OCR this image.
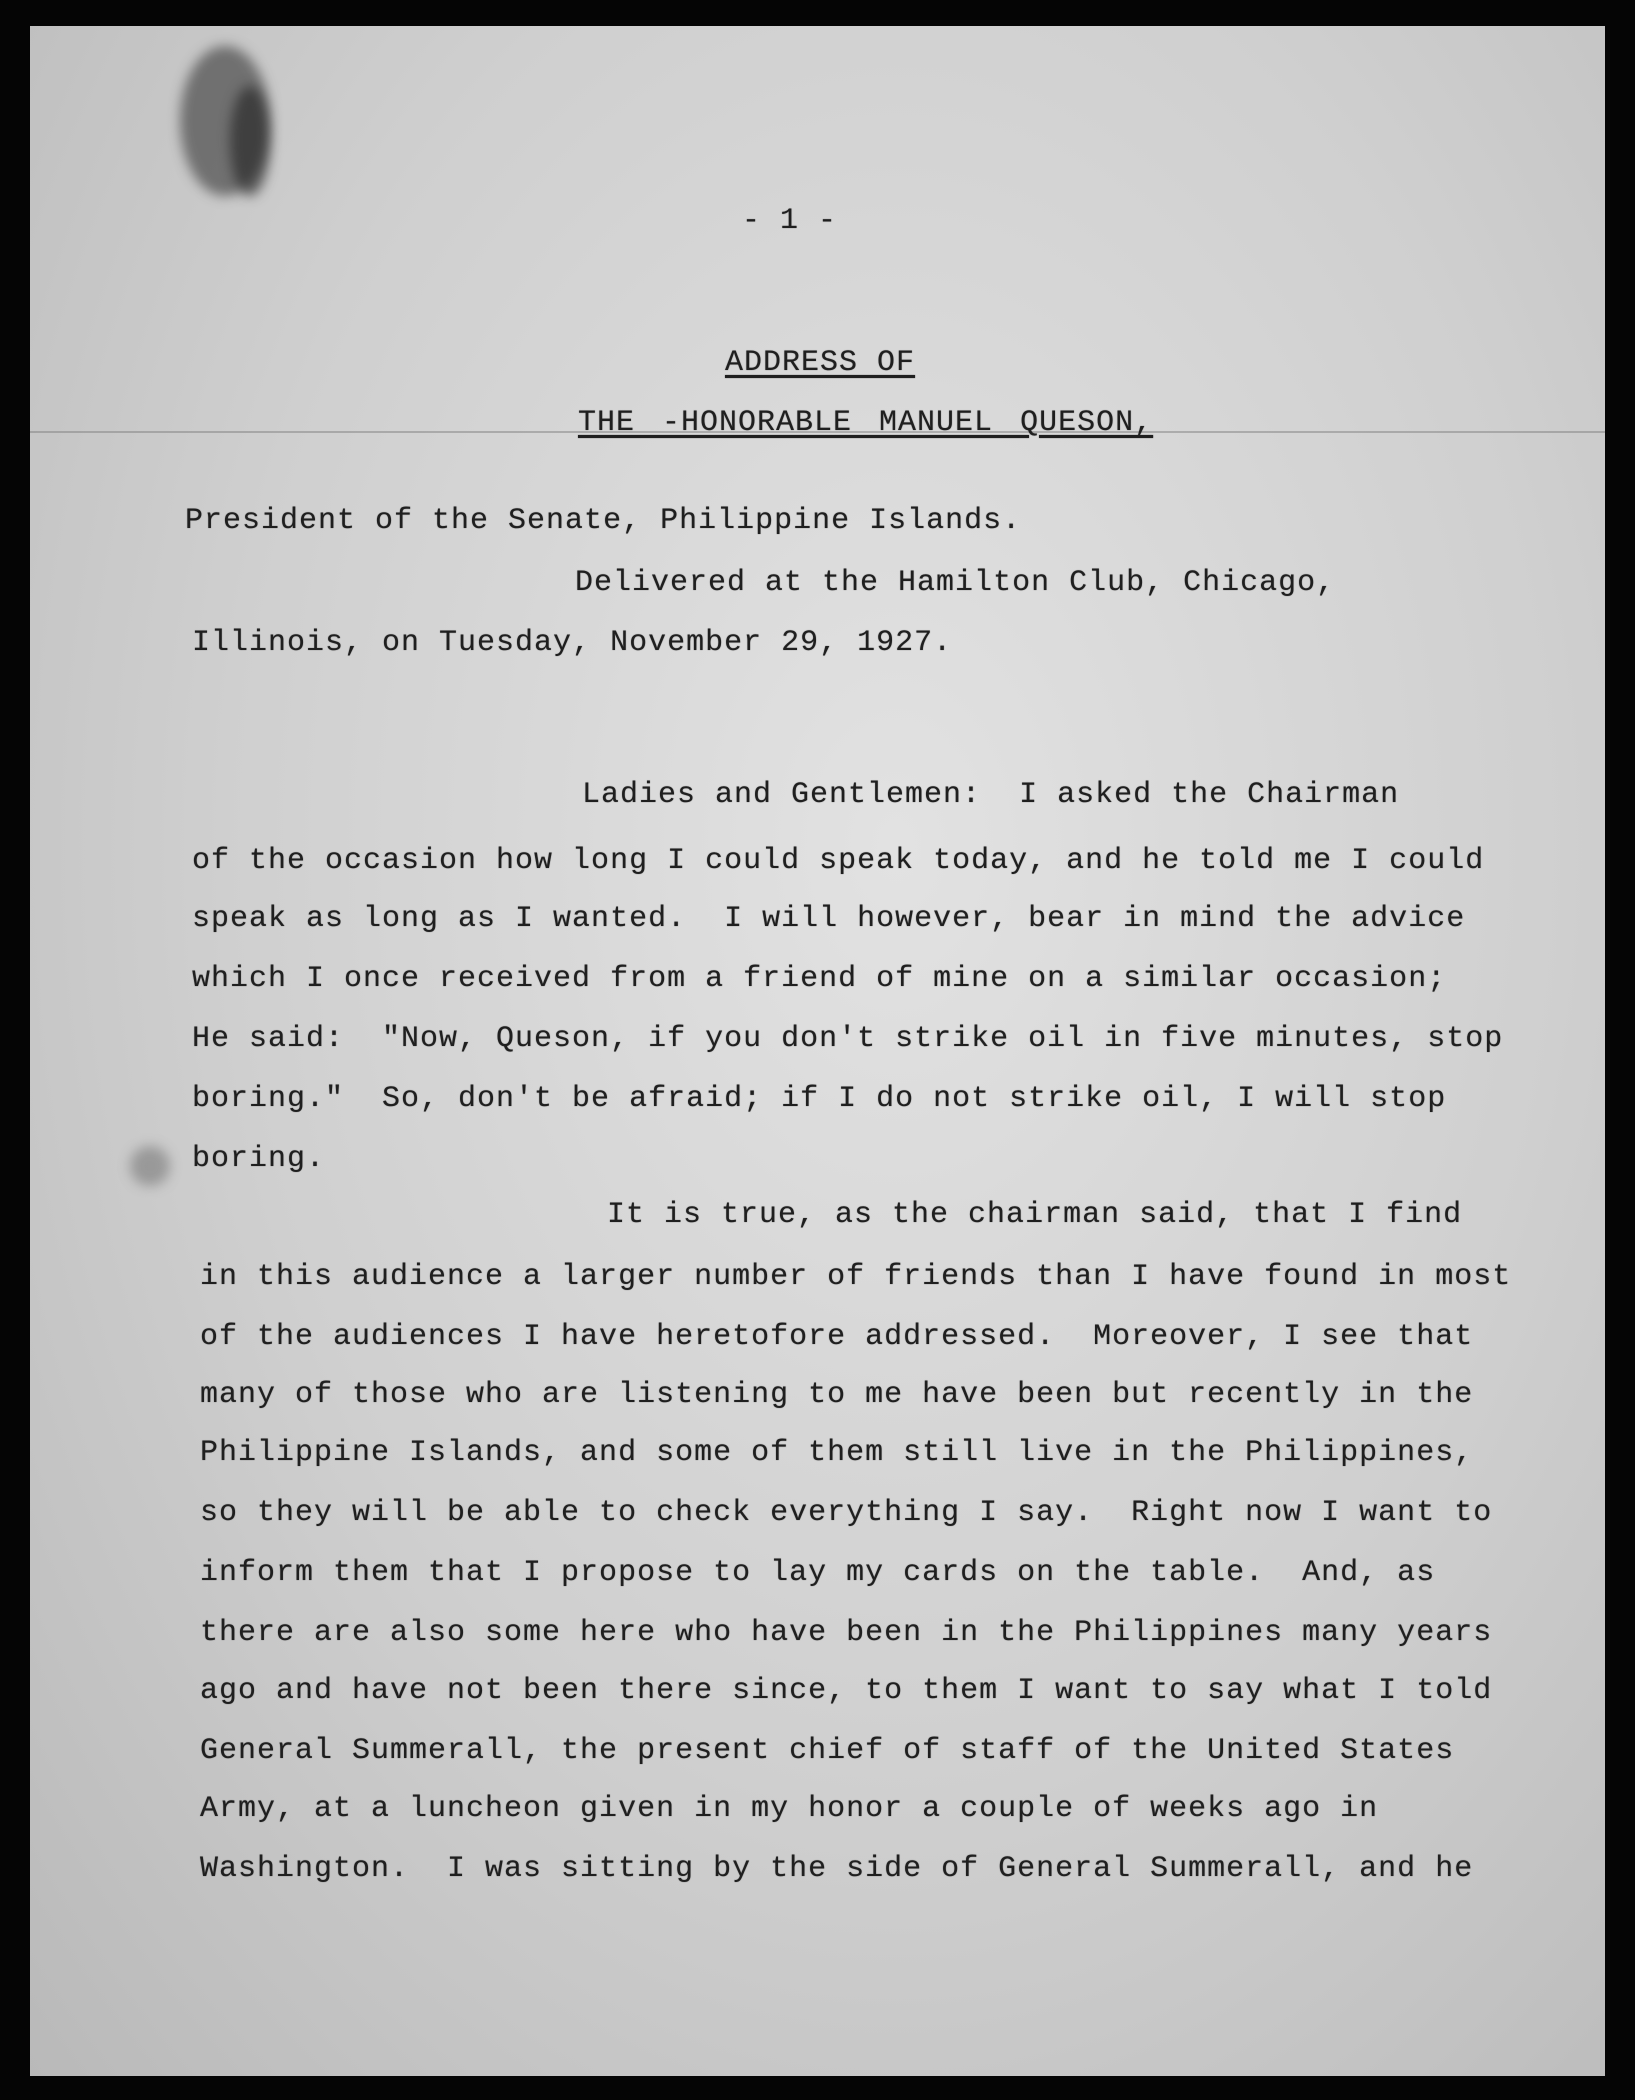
- 1 -
ADDRESS OF
THE -HONORABLE MANUEL QUESON,
President of the Senate, Philippine Islands.
Delivered at the Hamilton Club, Chicago,
Illinois, on Tuesday, November 29, 1927.
Ladies and Gentlemen:  I asked the Chairman
of the occasion how long I could speak today, and he told me I could
speak as long as I wanted.  I will however, bear in mind the advice
which I once received from a friend of mine on a similar occasion;
He said:  "Now, Queson, if you don't strike oil in five minutes, stop
boring."  So, don't be afraid; if I do not strike oil, I will stop
boring.
It is true, as the chairman said, that I find
in this audience a larger number of friends than I have found in most
of the audiences I have heretofore addressed.  Moreover, I see that
many of those who are listening to me have been but recently in the
Philippine Islands, and some of them still live in the Philippines,
so they will be able to check everything I say.  Right now I want to
inform them that I propose to lay my cards on the table.  And, as
there are also some here who have been in the Philippines many years
ago and have not been there since, to them I want to say what I told
General Summerall, the present chief of staff of the United States
Army, at a luncheon given in my honor a couple of weeks ago in
Washington.  I was sitting by the side of General Summerall, and he
